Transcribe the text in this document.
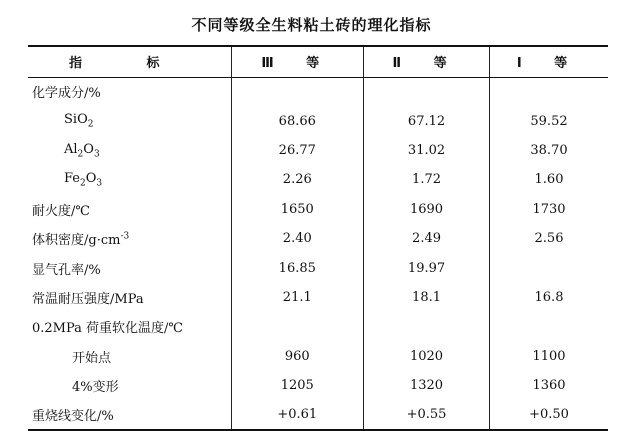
不同等级全生料粘土砖的理化指标
指 标	Ⅲ 等	Ⅱ 等	Ⅰ 等
化学成分/%			
SiO$_2$	68.66	67.12	59.52
$Al_2O_3$	26.77	31.02	38.70
$Fe_2O_3$	2.26	1.72	1.60
耐火度/℃	1650	1690	1730
体积密度$/g\cdot cm^{-3}$	2.40	2.49	2.56
显气孔率/%	16.85	19.97	
常温耐压强度/MPa	21.1	18.1	16.8
0.2MPa 荷重软化温度/℃			
开始点	960	1020	1100
4%变形	1205	1320	1360
重烧线变化/%	+0.61	+0.55	+0.50
